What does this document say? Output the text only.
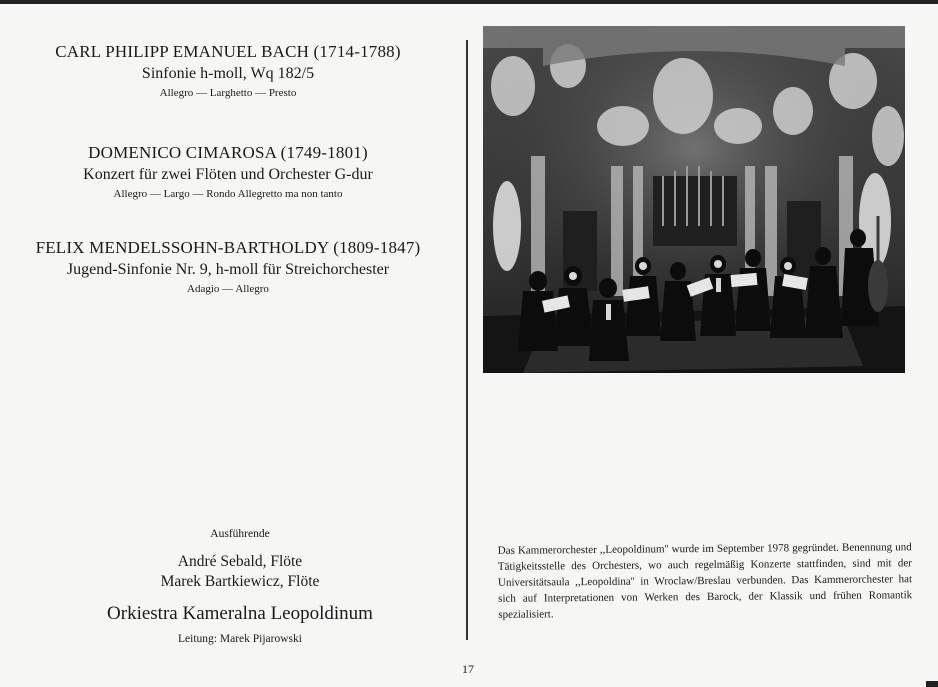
CARL PHILIPP EMANUEL BACH (1714-1788)
Sinfonie h-moll, Wq 182/5
Allegro — Larghetto — Presto
DOMENICO CIMAROSA (1749-1801)
Konzert für zwei Flöten und Orchester G-dur
Allegro — Largo — Rondo Allegretto ma non tanto
FELIX MENDELSSOHN-BARTHOLDY (1809-1847)
Jugend-Sinfonie Nr. 9, h-moll für Streichorchester
Adagio — Allegro
Ausführende
André Sebald, Flöte
Marek Bartkiewicz, Flöte
Orkiestra Kameralna Leopoldinum
Leitung: Marek Pijarowski
Das Kammerorchester ,,Leopoldinum'' wurde im September 1978 gegründet. Benennung und Tätigkeitsstelle des Orchesters, wo auch regelmäßig Konzerte stattfinden, sind mit der Universitätsaula ,,Leopoldina'' in Wroclaw/Breslau verbunden. Das Kammerorchester hat sich auf Interpretationen von Werken des Barock, der Klassik und frühen Romantik spezialisiert.
17
